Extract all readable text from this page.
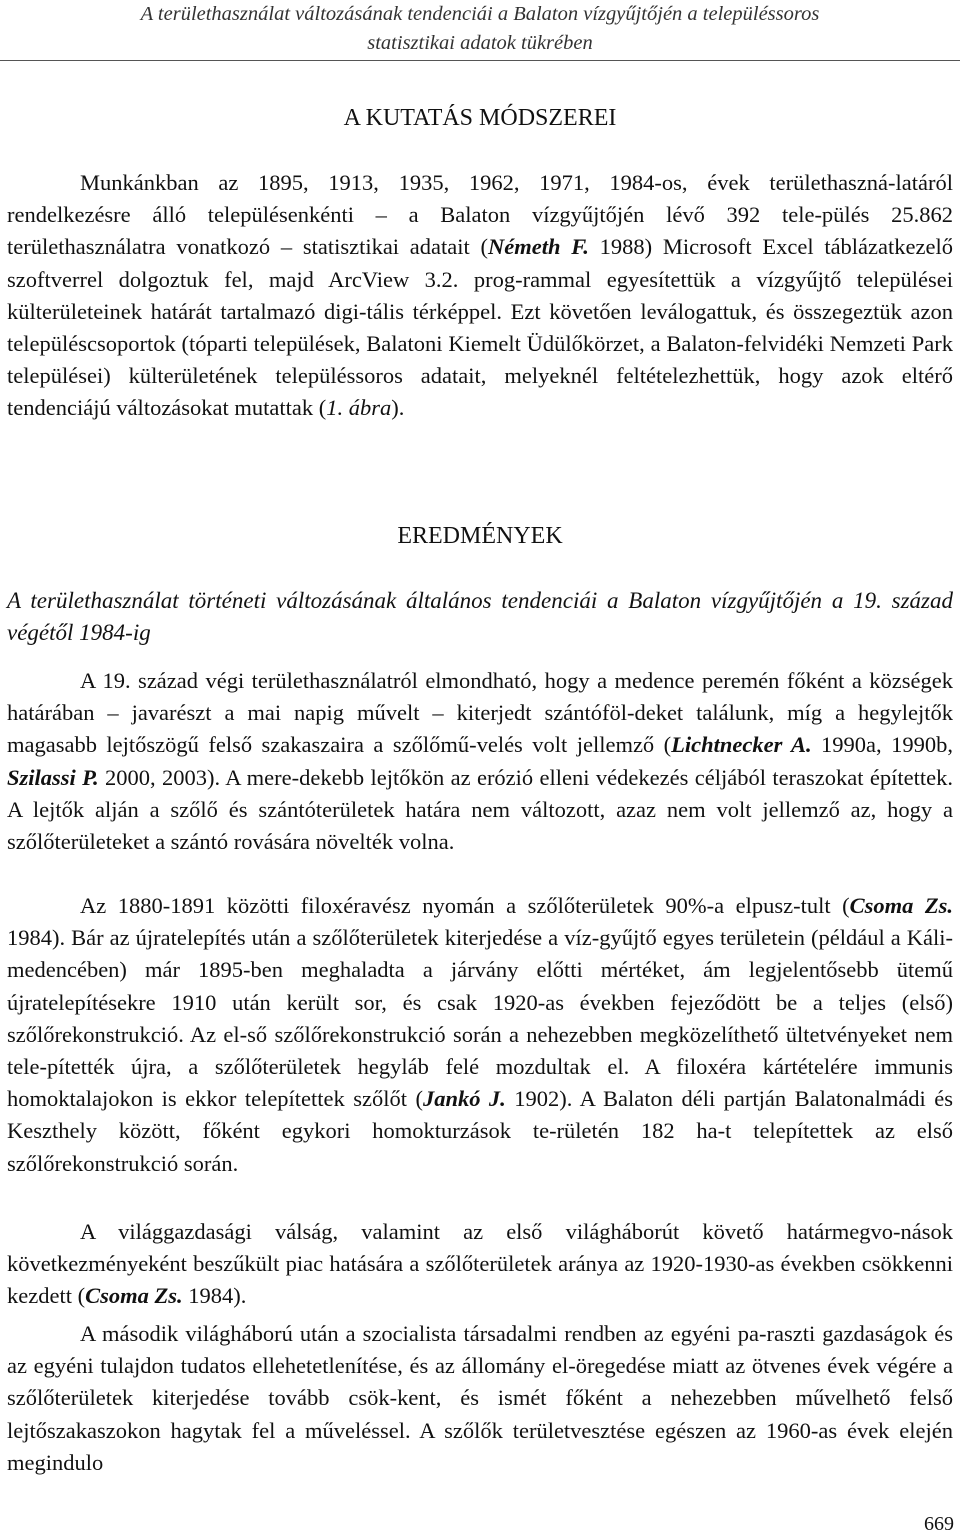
A területhasználat változásának tendenciái a Balaton vízgyűjtőjén a településsoros
statisztikai adatok tükrében
A KUTATÁS MÓDSZEREI

Munkánkban az 1895, 1913, 1935, 1962, 1971, 1984-os, évek területhaszná-latáról rendelkezésre álló településenkénti – a Balaton vízgyűjtőjén lévő 392 tele-pülés 25.862 területhasználatra vonatkozó – statisztikai adatait (Németh F. 1988) Microsoft Excel táblázatkezelő szoftverrel dolgoztuk fel, majd ArcView 3.2. prog-rammal egyesítettük a vízgyűjtő települései külterületeinek határát tartalmazó digi-tális térképpel. Ezt követően leválogattuk, és összegeztük azon településcsoportok (tóparti települések, Balatoni Kiemelt Üdülőkörzet, a Balaton-felvidéki Nemzeti Park települései) külterületének településsoros adatait, melyeknél feltételezhettük, hogy azok eltérő tendenciájú változásokat mutattak (1. ábra).

EREDMÉNYEK

A területhasználat történeti változásának általános tendenciái a Balaton vízgyűjtőjén a 19. század végétől 1984-ig

A 19. század végi területhasználatról elmondható, hogy a medence peremén főként a községek határában – javarészt a mai napig művelt – kiterjedt szántóföl-deket találunk, míg a hegylejtők magasabb lejtőszögű felső szakaszaira a szőlőmű-velés volt jellemző (Lichtnecker A. 1990a, 1990b, Szilassi P. 2000, 2003). A mere-dekebb lejtőkön az erózió elleni védekezés céljából teraszokat építettek. A lejtők alján a szőlő és szántóterületek határa nem változott, azaz nem volt jellemző az, hogy a szőlőterületeket a szántó rovására növelték volna.

Az 1880-1891 közötti filoxéravész nyomán a szőlőterületek 90%-a elpusz-tult (Csoma Zs. 1984). Bár az újratelepítés után a szőlőterületek kiterjedése a víz-gyűjtő egyes területein (például a Káli-medencében) már 1895-ben meghaladta a járvány előtti mértéket, ám legjelentősebb ütemű újratelepítésekre 1910 után került sor, és csak 1920-as években fejeződött be a teljes (első) szőlőrekonstrukció. Az el-ső szőlőrekonstrukció során a nehezebben megközelíthető ültetvényeket nem tele-pítették újra, a szőlőterületek hegyláb felé mozdultak el. A filoxéra kártételére immunis homoktalajokon is ekkor telepítettek szőlőt (Jankó J. 1902). A Balaton déli partján Balatonalmádi és Keszthely között, főként egykori homokturzások te-rületén 182 ha-t telepítettek az első szőlőrekonstrukció során.

A világgazdasági válság, valamint az első világháborút követő határmegvo-nások következményeként beszűkült piac hatására a szőlőterületek aránya az 1920-1930-as években csökkenni kezdett (Csoma Zs. 1984).

A második világháború után a szocialista társadalmi rendben az egyéni pa-raszti gazdaságok és az egyéni tulajdon tudatos ellehetetlenítése, és az állomány el-öregedése miatt az ötvenes évek végére a szőlőterületek kiterjedése tovább csök-kent, és ismét főként a nehezebben művelhető felső lejtőszakaszokon hagytak fel a műveléssel. A szőlők területvesztése egészen az 1960-as évek elején megindulo

669
